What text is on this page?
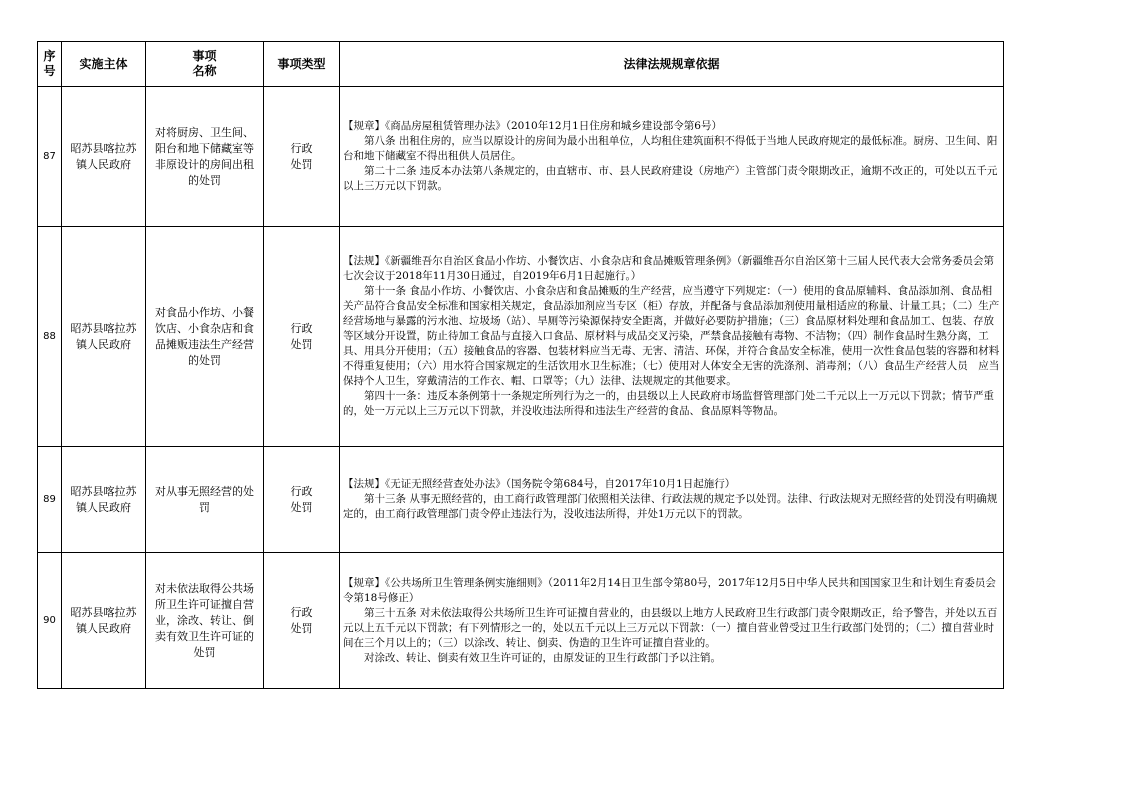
序号	实施主体	事项名称	事项类型	法律法规规章依据
87	昭苏县喀拉苏镇人民政府	对将厨房、卫生间、阳台和地下储藏室等非原设计的房间出租的处罚	行政处罚	【规章】《商品房屋租赁管理办法》（2010年12月1日住房和城乡建设部令第6号）

第八条 出租住房的，应当以原设计的房间为最小出租单位，人均租住建筑面积不得低于当地人民政府规定的最低标准。厨房、卫生间、阳台和地下储藏室不得出租供人员居住。

第二十二条 违反本办法第八条规定的，由直辖市、市、县人民政府建设（房地产）主管部门责令限期改正，逾期不改正的，可处以五千元以上三万元以下罚款。

88	昭苏县喀拉苏镇人民政府	对食品小作坊、小餐饮店、小食杂店和食品摊贩违法生产经营的处罚	行政处罚	【法规】《新疆维吾尔自治区食品小作坊、小餐饮店、小食杂店和食品摊贩管理条例》（新疆维吾尔自治区第十三届人民代表大会常务委员会第七次会议于2018年11月30日通过，自2019年6月1日起施行。）

第十一条 食品小作坊、小餐饮店、小食杂店和食品摊贩的生产经营，应当遵守下列规定：（一）使用的食品原辅料、食品添加剂、食品相关产品符合食品安全标准和国家相关规定，食品添加剂应当专区（柜）存放，并配备与食品添加剂使用量相适应的称量、计量工具；（二）生产经营场地与暴露的污水池、垃圾场（站）、旱厕等污染源保持安全距离，并做好必要防护措施；（三）食品原材料处理和食品加工、包装、存放等区域分开设置，防止待加工食品与直接入口食品、原材料与成品交叉污染，严禁食品接触有毒物、不洁物；（四）制作食品时生熟分离，工具、用具分开使用；（五）接触食品的容器、包装材料应当无毒、无害、清洁、环保，并符合食品安全标准，使用一次性食品包装的容器和材料不得重复使用；（六）用水符合国家规定的生活饮用水卫生标准；（七）使用对人体安全无害的洗涤剂、消毒剂；（八）食品生产经营人员　应当保持个人卫生，穿戴清洁的工作衣、帽、口罩等；（九）法律、法规规定的其他要求。

第四十一条：违反本条例第十一条规定所列行为之一的，由县级以上人民政府市场监督管理部门处二千元以上一万元以下罚款；情节严重的，处一万元以上三万元以下罚款，并没收违法所得和违法生产经营的食品、食品原料等物品。

89	昭苏县喀拉苏镇人民政府	对从事无照经营的处罚	行政处罚	【法规】《无证无照经营查处办法》（国务院令第684号，自2017年10月1日起施行）

第十三条 从事无照经营的，由工商行政管理部门依照相关法律、行政法规的规定予以处罚。法律、行政法规对无照经营的处罚没有明确规定的，由工商行政管理部门责令停止违法行为，没收违法所得，并处1万元以下的罚款。

90	昭苏县喀拉苏镇人民政府	对未依法取得公共场所卫生许可证擅自营业，涂改、转让、倒卖有效卫生许可证的处罚	行政处罚	【规章】《公共场所卫生管理条例实施细则》（2011年2月14日卫生部令第80号，2017年12月5日中华人民共和国国家卫生和计划生育委员会令第18号修正）

第三十五条 对未依法取得公共场所卫生许可证擅自营业的，由县级以上地方人民政府卫生行政部门责令限期改正，给予警告，并处以五百元以上五千元以下罚款；有下列情形之一的，处以五千元以上三万元以下罚款：（一）擅自营业曾受过卫生行政部门处罚的；（二）擅自营业时间在三个月以上的；（三）以涂改、转让、倒卖、伪造的卫生许可证擅自营业的。

对涂改、转让、倒卖有效卫生许可证的，由原发证的卫生行政部门予以注销。
